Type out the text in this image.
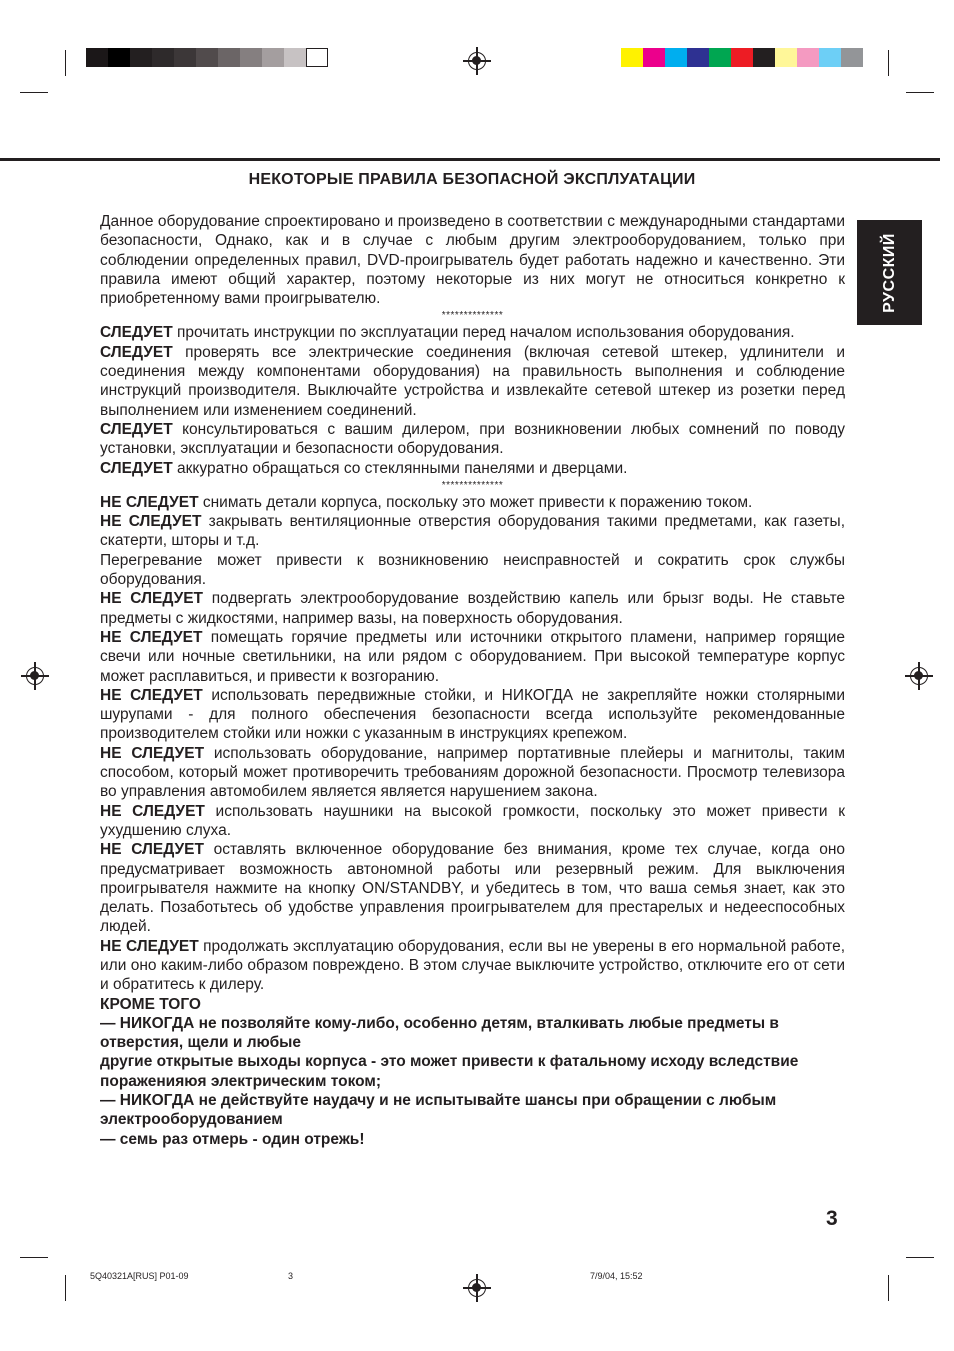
НЕКОТОРЫЕ ПРАВИЛА БЕЗОПАСНОЙ ЭКСПЛУАТАЦИИ
РУССКИЙ

Данное оборудование спроектировано и произведено в соответствии с международными стандартами безопасности, Однако, как и в случае с любым другим электрооборудованием, только при соблюдении определенных правил, DVD-проигрыватель будет работать надежно и качественно. Эти правила имеют общий характер, поэтому некоторые из них могут не относиться конкретно к приобретенному вами проигрывателю.

**************

СЛЕДУЕТ прочитать инструкции по эксплуатации перед началом использования оборудования.

СЛЕДУЕТ проверять все электрические соединения (включая сетевой штекер, удлинители и соединения между компонентами оборудования) на правильность выполнения и соблюдение инструкций производителя. Выключайте устройства и извлекайте сетевой штекер из розетки перед выполнением или изменением соединений.

СЛЕДУЕТ консультироваться с вашим дилером, при возникновении любых сомнений по поводу установки, эксплуатации и безопасности оборудования.

СЛЕДУЕТ аккуратно обращаться со стеклянными панелями и дверцами.

**************

НЕ СЛЕДУЕТ снимать детали корпуса, поскольку это может привести к поражению током.

НЕ СЛЕДУЕТ закрывать вентиляционные отверстия оборудования такими предметами, как газеты, скатерти, шторы и т.д.

Перегревание может привести к возникновению неисправностей и сократить срок службы оборудования.

НЕ СЛЕДУЕТ подвергать электрооборудование воздействию капель или брызг воды. Не ставьте предметы с жидкостями, например вазы, на поверхность оборудования.

НЕ СЛЕДУЕТ помещать горячие предметы или источники открытого пламени, например горящие свечи или ночные светильники, на или рядом с оборудованием. При высокой температуре корпус может расплавиться, и привести к возгоранию.

НЕ СЛЕДУЕТ использовать передвижные стойки, и НИКОГДА не закрепляйте ножки столярными шурупами - для полного обеспечения безопасности всегда используйте рекомендованные производителем стойки или ножки с указанным в инструкциях крепежом.

НЕ СЛЕДУЕТ использовать оборудование, например портативные плейеры и магнитолы, таким способом, который может противоречить требованиям дорожной безопасности. Просмотр телевизора во управления автомобилем является является нарушением закона.

НЕ СЛЕДУЕТ использовать наушники на высокой громкости, поскольку это может привести к ухудшению слуха.

НЕ СЛЕДУЕТ оставлять включенное оборудование без внимания, кроме тех случае, когда оно предусматривает возможность автономной работы или резервный режим. Для выключения проигрывателя нажмите на кнопку ON/STANDBY, и убедитесь в том, что ваша семья знает, как это делать. Позаботьтесь об удобстве управления проигрывателем для престарелых и недееспособных людей.

НЕ СЛЕДУЕТ продолжать эксплуатацию оборудования, если вы не уверены в его нормальной работе, или оно каким-либо образом повреждено. В этом случае выключите устройство, отключите его от сети и обратитесь к дилеру.

КРОМЕ ТОГО

— НИКОГДА не позволяйте кому-либо, особенно детям, вталкивать любые предметы в отверстия, щели и любые

другие открытые выходы корпуса - это может привести к фатальному исходу вследствие пораженияюя электрическим током;

— НИКОГДА не действуйте наудачу и не испытывайте шансы при обращении с любым электрооборудованием

— семь раз отмерь - один отрежь!

3
5Q40321A[RUS] P01-09	3	7/9/04, 15:52
